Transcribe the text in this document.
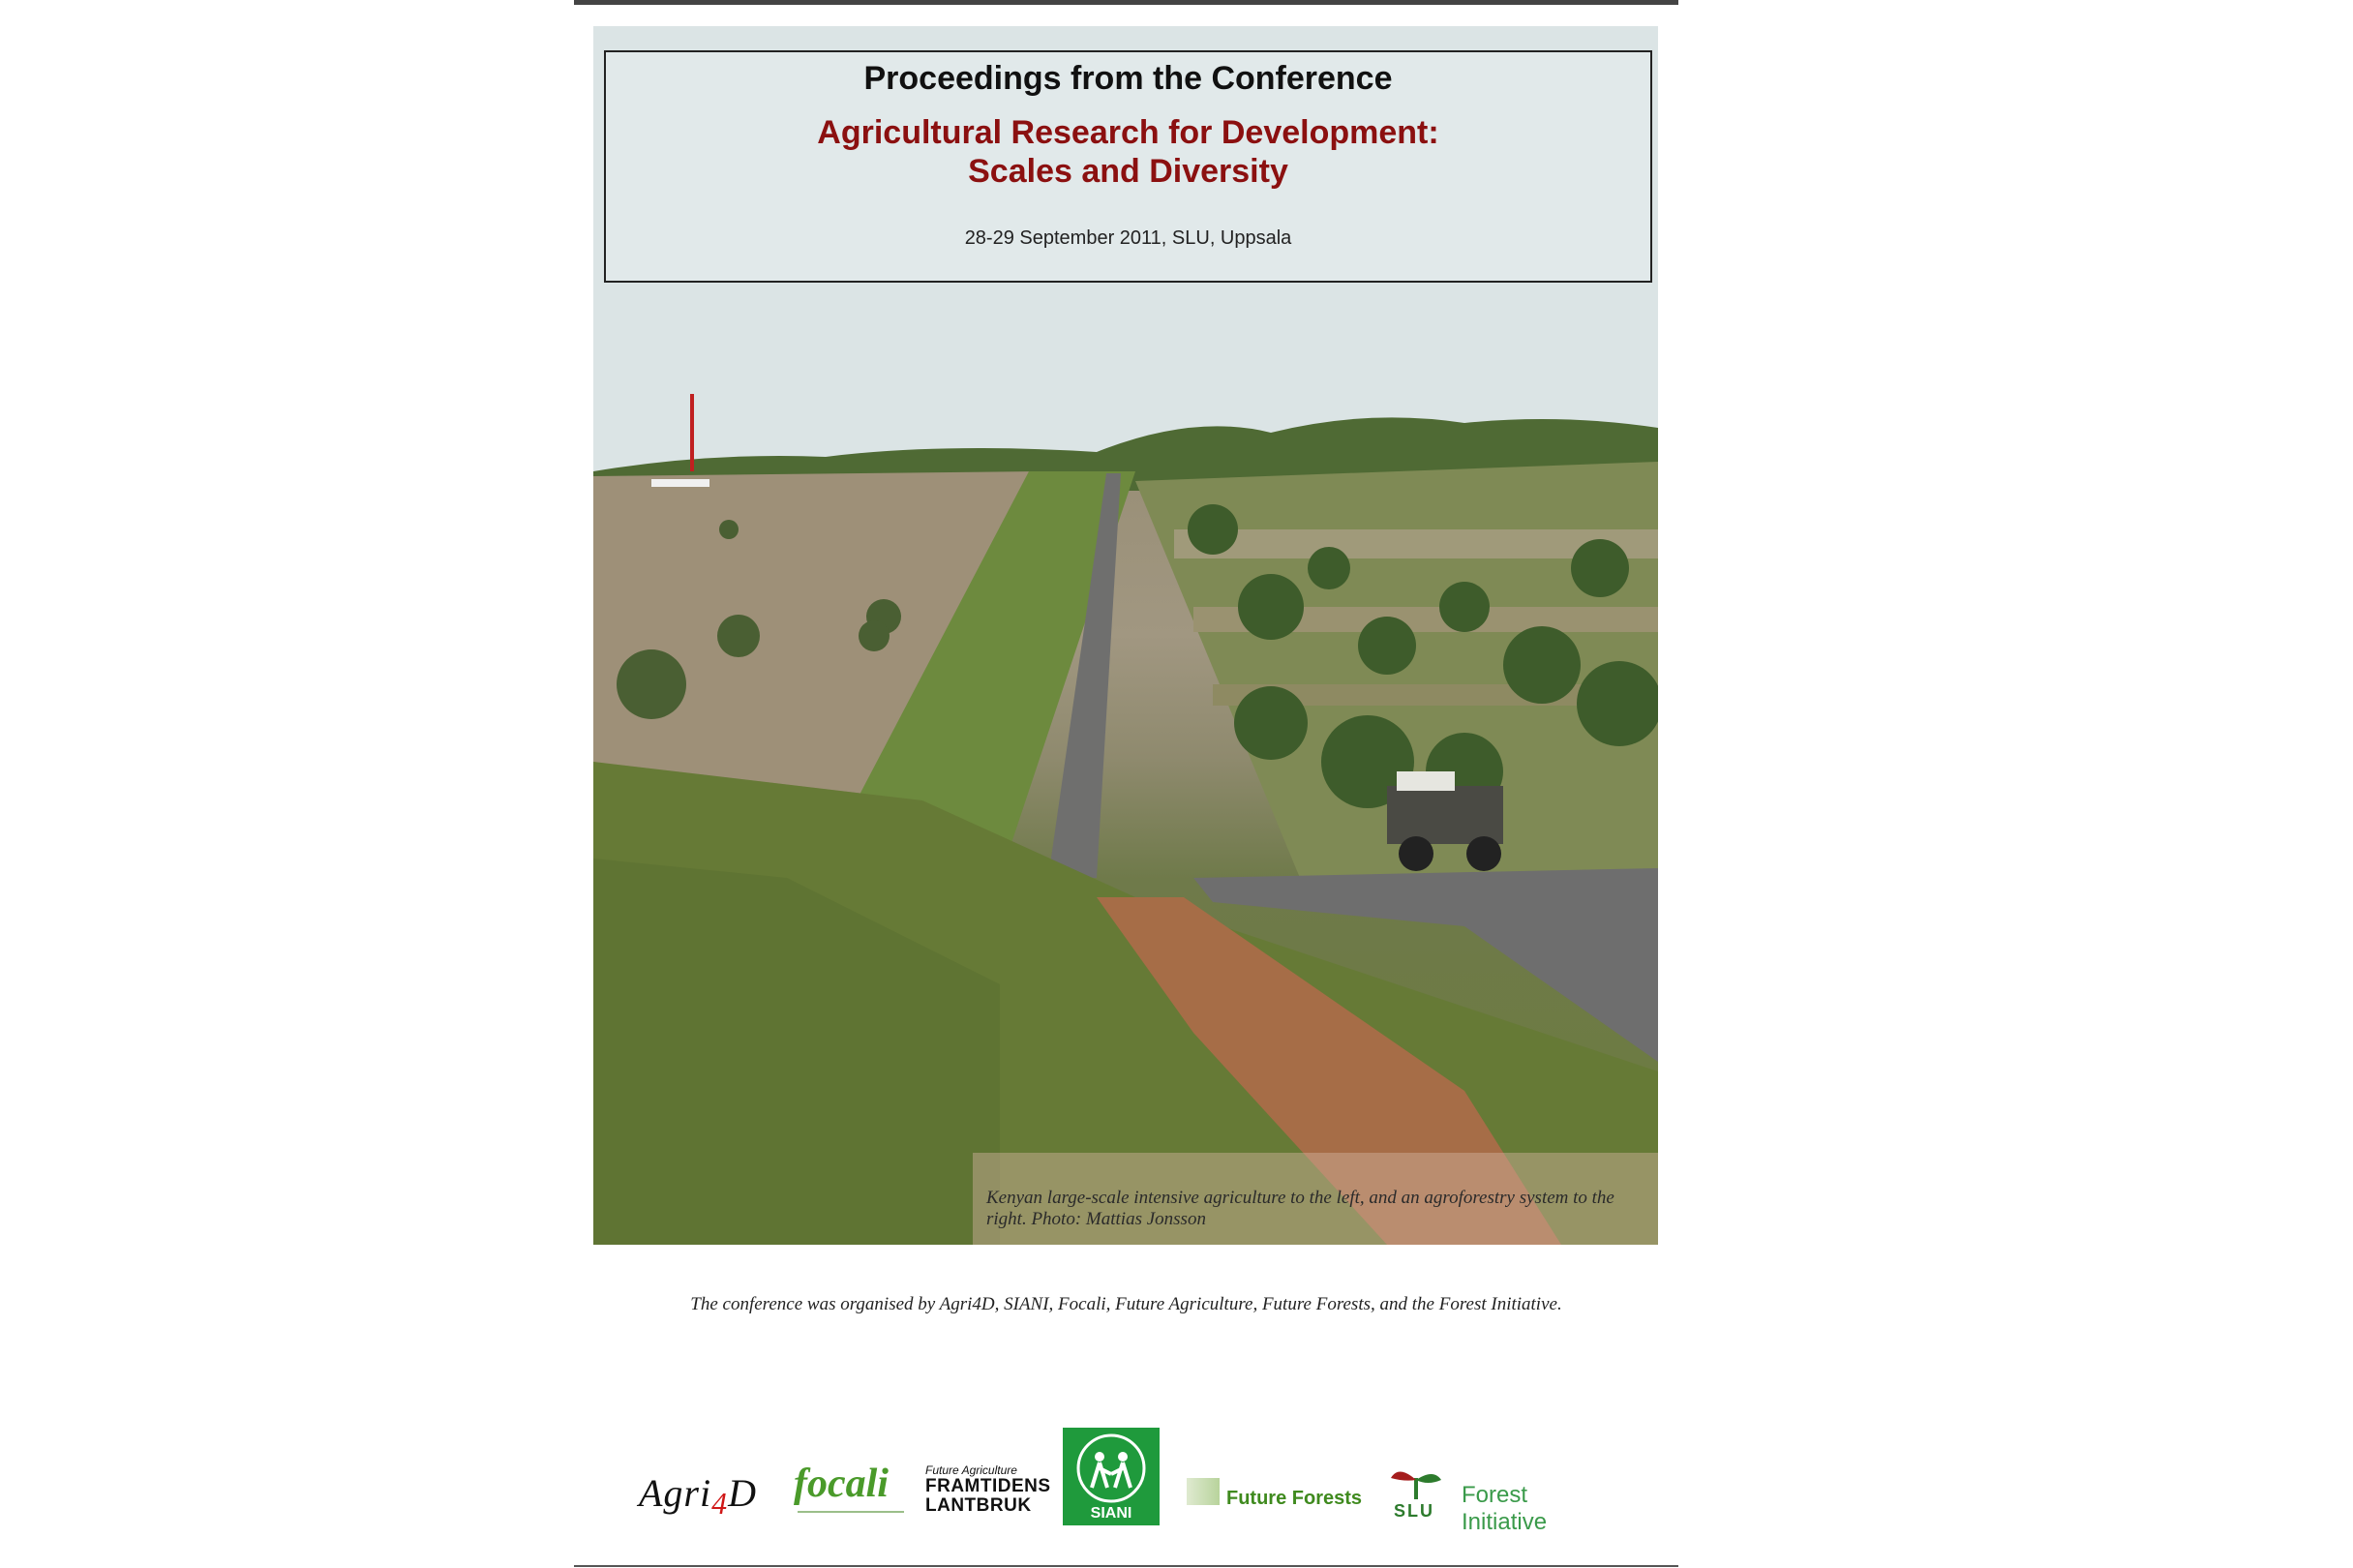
Proceedings from the Conference
Agricultural Research for Development:
Scales and Diversity
28-29 September 2011, SLU, Uppsala
Kenyan large-scale intensive agriculture to the left, and an agroforestry system to the right. Photo: Mattias Jonsson
The conference was organised by Agri4D, SIANI, Focali, Future Agriculture, Future Forests, and the Forest Initiative.
Agri$_4$D focali	Future Agriculture
FRAMTIDENS
LANTBRUK	SIANI
Future Forests
SLU
Forest Initiative
